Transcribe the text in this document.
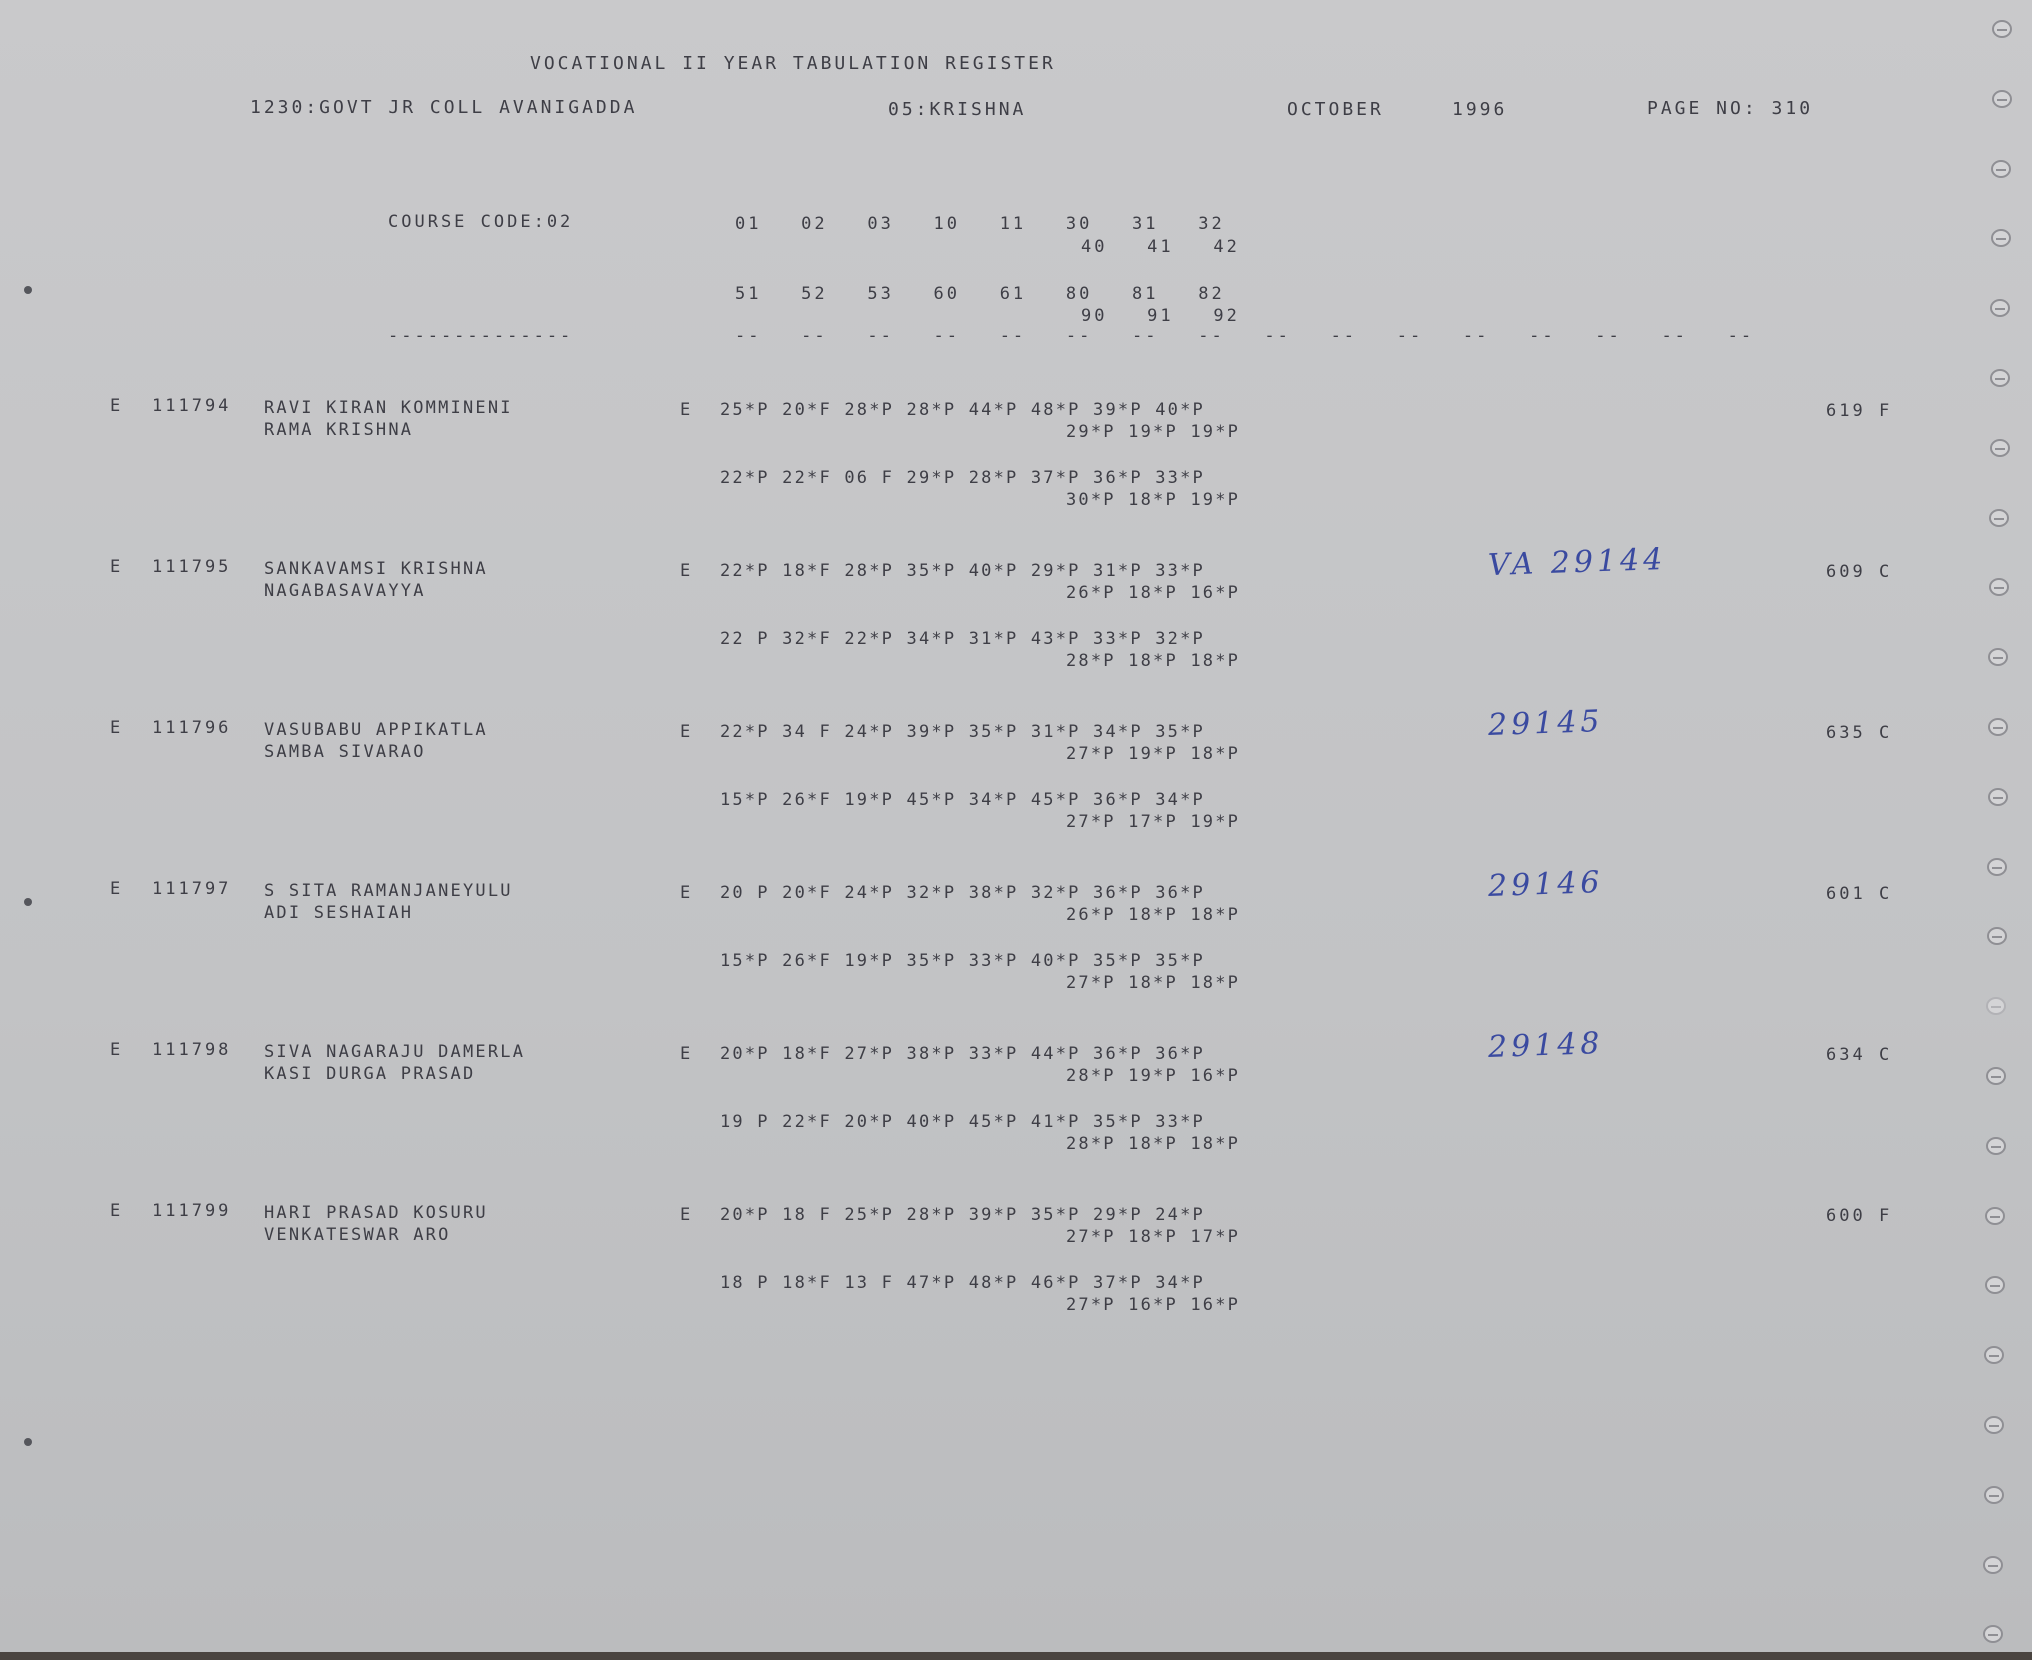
VOCATIONAL II YEAR TABULATION REGISTER
1230:GOVT JR COLL AVANIGADDA	05:KRISHNA	OCTOBER	1996	PAGE NO: 310
COURSE CODE:02
--------------
01   02   03   10   11   30   31   32
40   41   42
51   52   53   60   61   80   81   82
90   91   92
--   --   --   --   --   --   --   --   --   --   --   --   --   --   --   --
E 111794 RAVI KIRAN KOMMINENI
RAMA KRISHNA
E 25*P 20*F 28*P 28*P 44*P 48*P 39*P 40*P
29*P 19*P 19*P
22*P 22*F 06 F 29*P 28*P 37*P 36*P 33*P
30*P 18*P 19*P
619 F
E 111795 SANKAVAMSI KRISHNA
NAGABASAVAYYA
E 22*P 18*F 28*P 35*P 40*P 29*P 31*P 33*P
26*P 18*P 16*P
22 P 32*F 22*P 34*P 31*P 43*P 33*P 32*P
28*P 18*P 18*P
609 C
VA 29144
E 111796 VASUBABU APPIKATLA
SAMBA SIVARAO
E 22*P 34 F 24*P 39*P 35*P 31*P 34*P 35*P
27*P 19*P 18*P
15*P 26*F 19*P 45*P 34*P 45*P 36*P 34*P
27*P 17*P 19*P
635 C
29145
E 111797 S SITA RAMANJANEYULU
ADI SESHAIAH
E 20 P 20*F 24*P 32*P 38*P 32*P 36*P 36*P
26*P 18*P 18*P
15*P 26*F 19*P 35*P 33*P 40*P 35*P 35*P
27*P 18*P 18*P
601 C
29146
E 111798 SIVA NAGARAJU DAMERLA
KASI DURGA PRASAD
E 20*P 18*F 27*P 38*P 33*P 44*P 36*P 36*P
28*P 19*P 16*P
19 P 22*F 20*P 40*P 45*P 41*P 35*P 33*P
28*P 18*P 18*P
634 C
29148
E 111799 HARI PRASAD KOSURU
VENKATESWAR ARO
E 20*P 18 F 25*P 28*P 39*P 35*P 29*P 24*P
27*P 18*P 17*P
18 P 18*F 13 F 47*P 48*P 46*P 37*P 34*P
27*P 16*P 16*P
600 F
